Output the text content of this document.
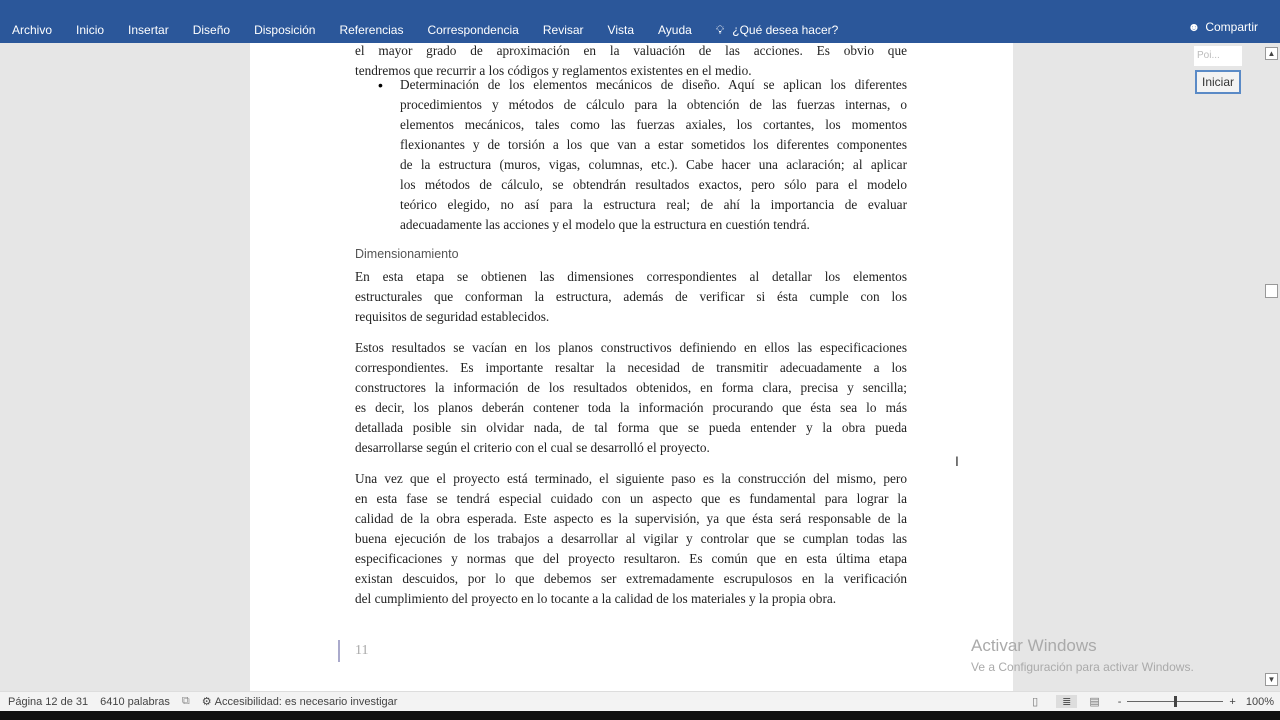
Archivo Inicio Insertar Diseño Disposición Referencias Correspondencia Revisar Vista Ayuda 💡︎ ¿Qué desea hacer?	☻ Compartir
el mayor grado de aproximación en la valuación de las acciones. Es obvio que
tendremos que recurrir a los códigos y reglamentos existentes en el medio.
• Determinación de los elementos mecánicos de diseño. Aquí se aplican los diferentes
procedimientos y métodos de cálculo para la obtención de las fuerzas internas, o
elementos mecánicos, tales como las fuerzas axiales, los cortantes, los momentos
flexionantes y de torsión a los que van a estar sometidos los diferentes componentes
de la estructura (muros, vigas, columnas, etc.). Cabe hacer una aclaración; al aplicar
los métodos de cálculo, se obtendrán resultados exactos, pero sólo para el modelo
teórico elegido, no así para la estructura real; de ahí la importancia de evaluar
adecuadamente las acciones y el modelo que la estructura en cuestión tendrá.
Dimensionamiento
En esta etapa se obtienen las dimensiones correspondientes al detallar los elementos
estructurales que conforman la estructura, además de verificar si ésta cumple con los
requisitos de seguridad establecidos.
Estos resultados se vacían en los planos constructivos definiendo en ellos las especificaciones
correspondientes. Es importante resaltar la necesidad de transmitir adecuadamente a los
constructores la información de los resultados obtenidos, en forma clara, precisa y sencilla;
es decir, los planos deberán contener toda la información procurando que ésta sea lo más
detallada posible sin olvidar nada, de tal forma que se pueda entender y la obra pueda
desarrollarse según el criterio con el cual se desarrolló el proyecto.
Una vez que el proyecto está terminado, el siguiente paso es la construcción del mismo, pero
en esta fase se tendrá especial cuidado con un aspecto que es fundamental para lograr la
calidad de la obra esperada. Este aspecto es la supervisión, ya que ésta será responsable de la
buena ejecución de los trabajos a desarrollar al vigilar y controlar que se cumplan todas las
especificaciones y normas que del proyecto resultaron. Es común que en esta última etapa
existan descuidos, por lo que debemos ser extremadamente escrupulosos en la verificación
del cumplimiento del proyecto en lo tocante a la calidad de los materiales y la propia obra.
11
Poi...
Iniciar
▲
▼
Activar Windows
Ve a Configuración para activar Windows.
I
Página 12 de 31 6410 palabras ⧉ ⚙ Accesibilidad: es necesario investigar	▯	≣	▤ -	+ 100%
